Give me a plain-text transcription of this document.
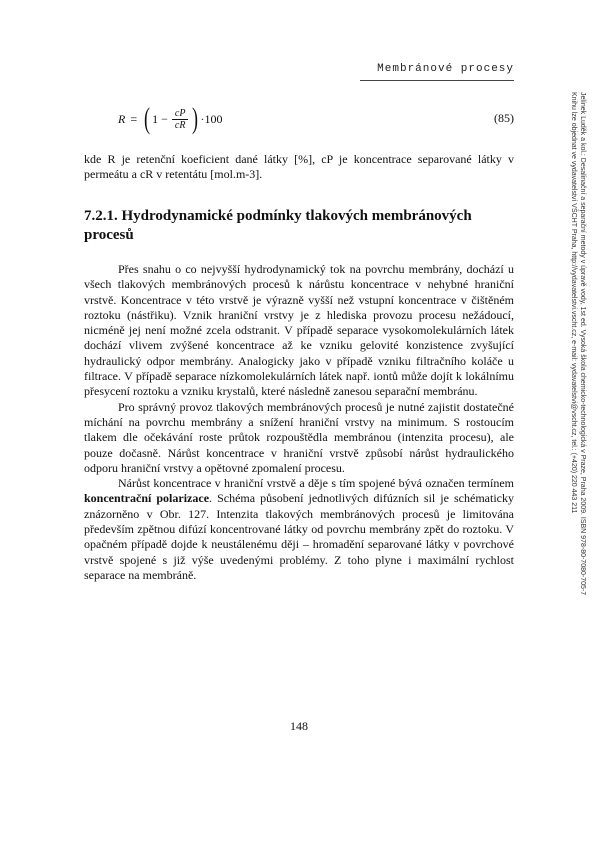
Membránové procesy
R = ( $1 - \frac{cP}{cR}$ ) ·100	(85)
kde R je retenční koeficient dané látky [%], cP je koncentrace separované látky v permeátu a cR v retentátu [mol.m-3].
7.2.1. Hydrodynamické podmínky tlakových membránových procesů

Přes snahu o co nejvyšší hydrodynamický tok na povrchu membrány, dochází u všech tlakových membránových procesů k nárůstu koncentrace v nehybné hraniční vrstvě. Koncentrace v této vrstvě je výrazně vyšší než vstupní koncentrace v čištěném roztoku (nástřiku). Vznik hraniční vrstvy je z hlediska provozu procesu nežádoucí, nicméně jej není možné zcela odstranit. V případě separace vysokomolekulárních látek dochází vlivem zvýšené koncentrace až ke vzniku gelovité konzistence zvyšující hydraulický odpor membrány. Analogicky jako v případě vzniku filtračního koláče u filtrace. V případě separace nízkomolekulárních látek např. iontů může dojít k lokálnímu přesycení roztoku a vzniku krystalů, které následně zanesou separační membránu.

Pro správný provoz tlakových membránových procesů je nutné zajistit dostatečné míchání na povrchu membrány a snížení hraniční vrstvy na minimum. S rostoucím tlakem dle očekávání roste průtok rozpouštědla membránou (intenzita procesu), ale pouze dočasně. Nárůst koncentrace v hraniční vrstvě způsobí nárůst hydraulického odporu hraniční vrstvy a opětovné zpomalení procesu.

Nárůst koncentrace v hraniční vrstvě a děje s tím spojené bývá označen termínem koncentrační polarizace. Schéma působení jednotlivých difúzních sil je schématicky znázorněno v Obr. 127. Intenzita tlakových membránových procesů je limitována především zpětnou difúzí koncentrované látky od povrchu membrány zpět do roztoku. V opačném případě dojde k neustálenému ději – hromadění separované látky v povrchové vrstvě spojené s již výše uvedenými problémy. Z toho plyne i maximální rychlost separace na membráně.	Jelínek Luděk a kol.: Desalinační a separační metody v úpravě vody, 1st ed. Vysoká škola chemicko-technologická v Praze, Praha 2009. ISBN 978-80-7080-705-7
Knihu lze objednat ve vydavatelství VŠCHT Praha, http://vydavatelstvi.vscht.cz, e-mail: vydavatelstvi@vscht.cz, tel.: (+420) 220 443 211
148
